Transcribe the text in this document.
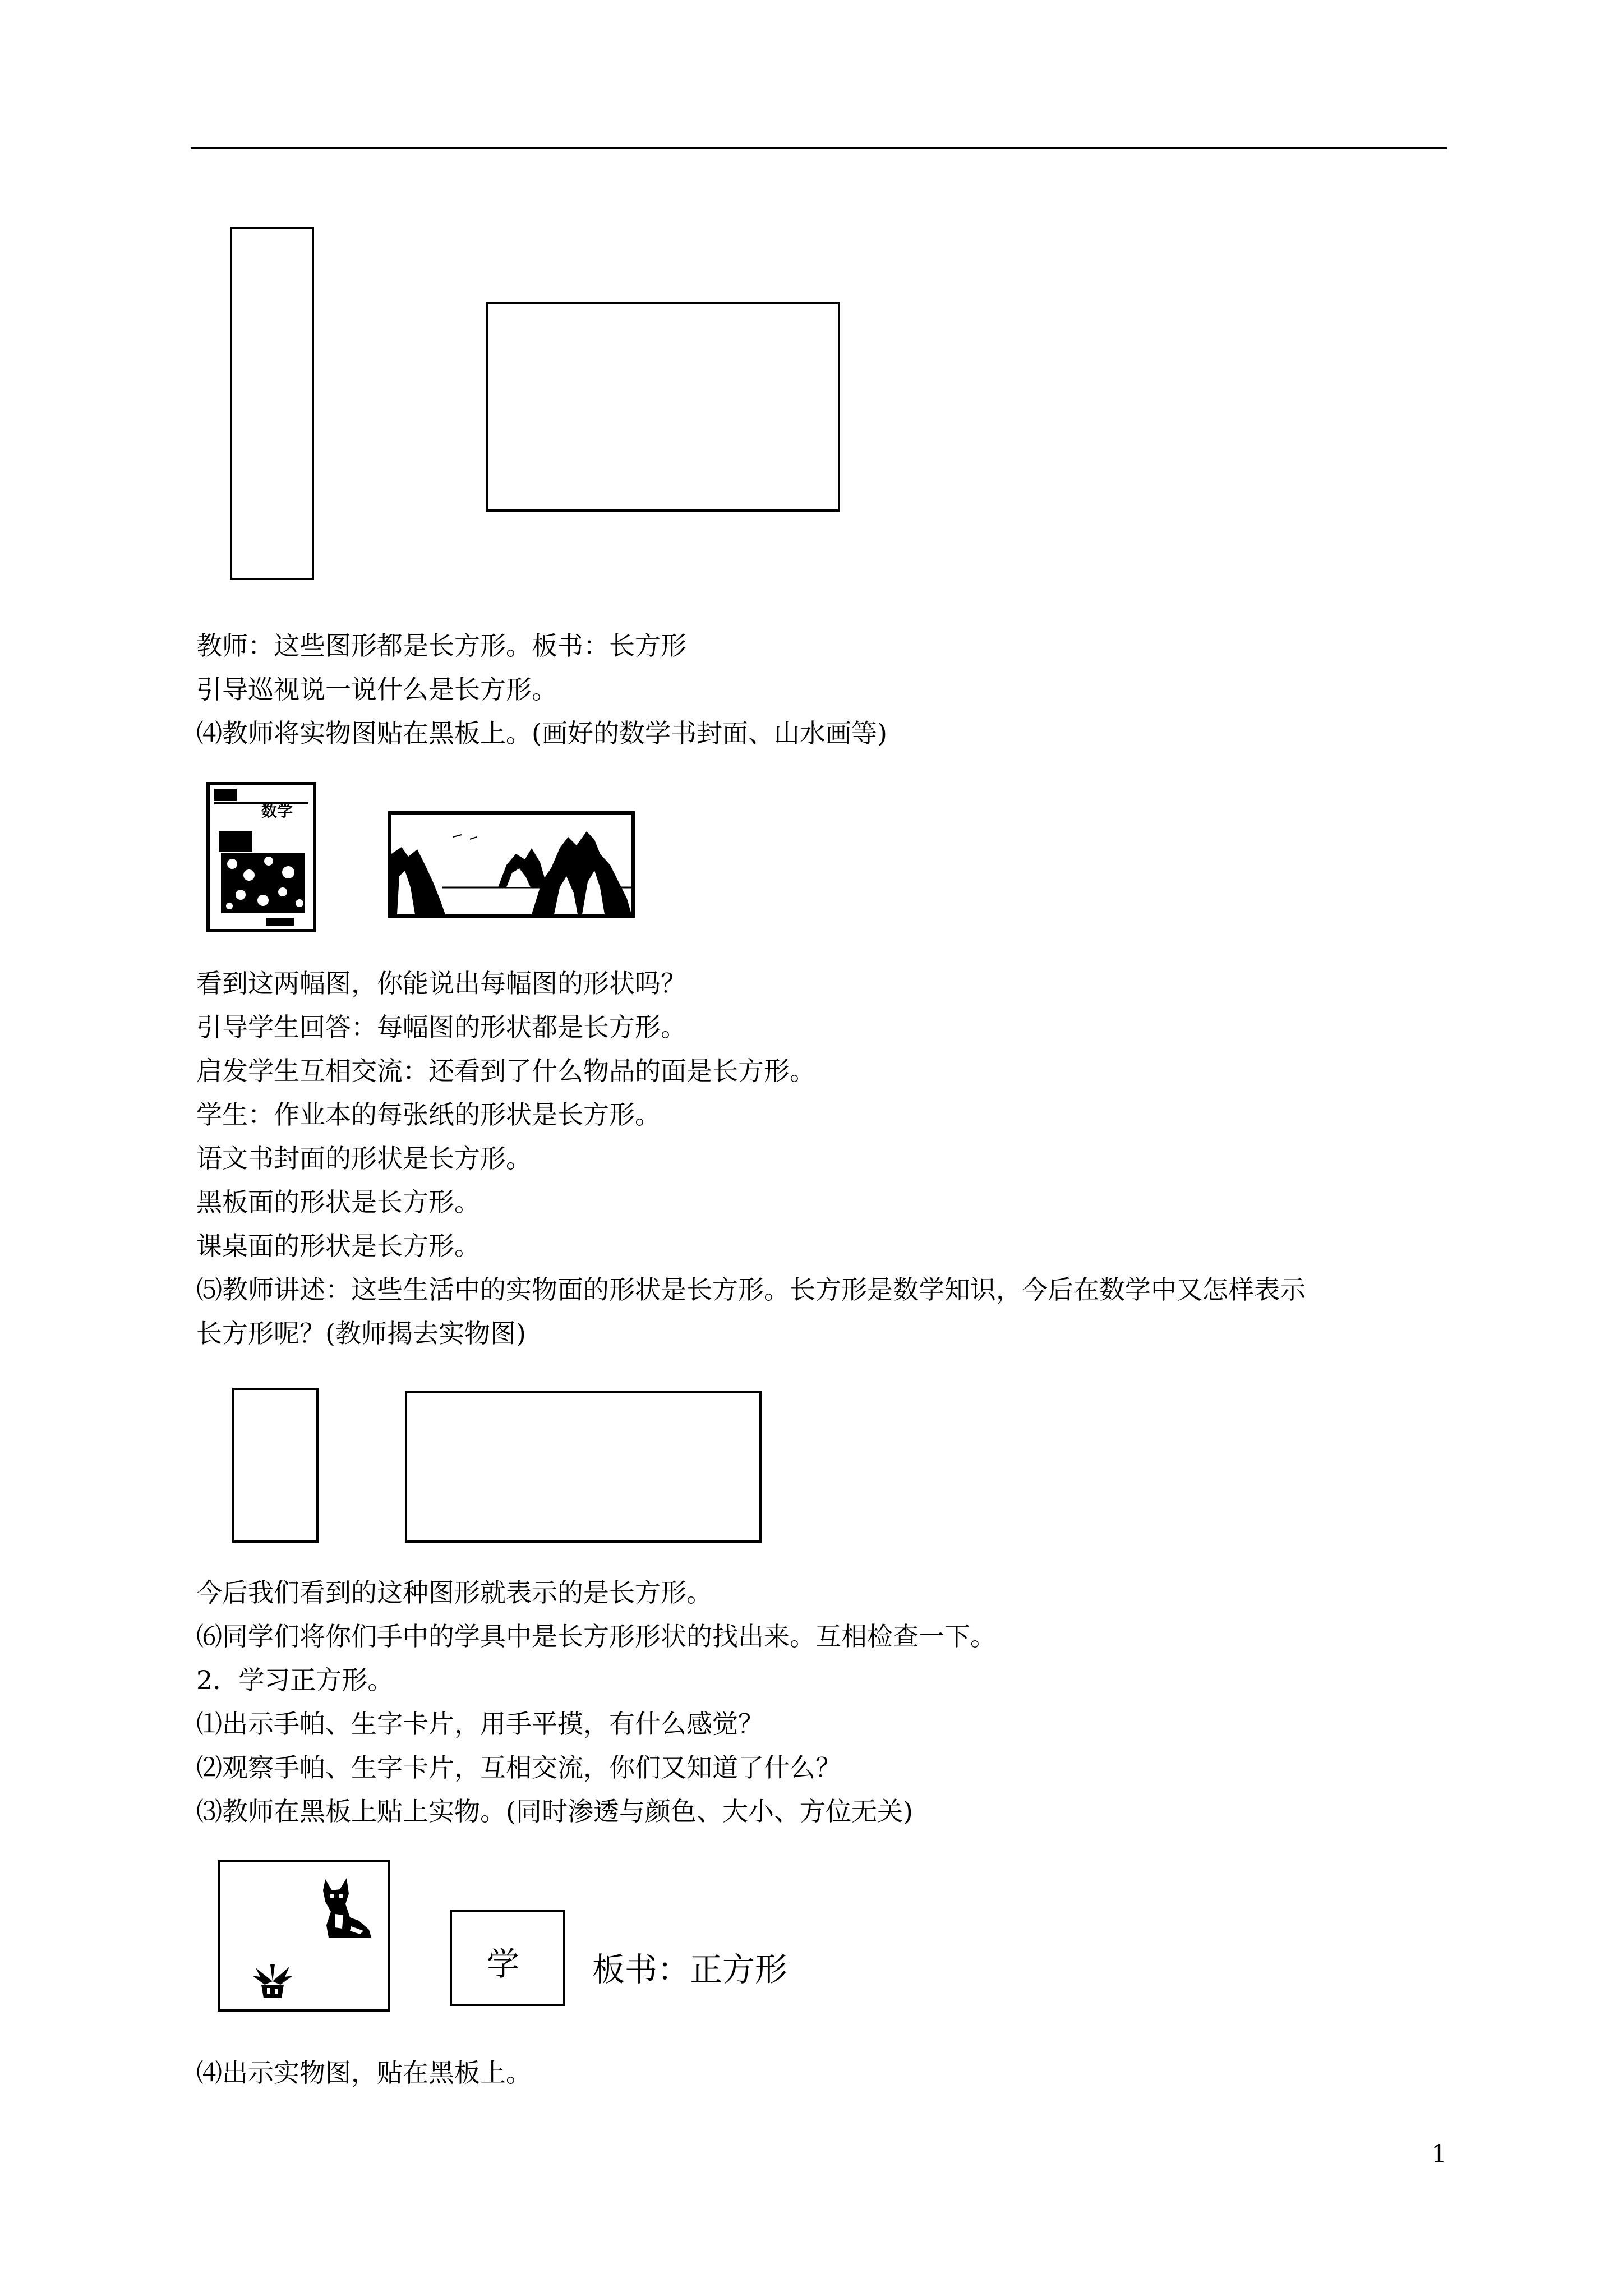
教师：这些图形都是长方形。板书：长方形
引导巡视说一说什么是长方形。
⑷教师将实物图贴在黑板上。(画好的数学书封面、山水画等)
数学
看到这两幅图，你能说出每幅图的形状吗？
引导学生回答：每幅图的形状都是长方形。
启发学生互相交流：还看到了什么物品的面是长方形。
学生：作业本的每张纸的形状是长方形。
语文书封面的形状是长方形。
黑板面的形状是长方形。
课桌面的形状是长方形。
⑸教师讲述：这些生活中的实物面的形状是长方形。长方形是数学知识，今后在数学中又怎样表示
长方形呢？(教师揭去实物图)
今后我们看到的这种图形就表示的是长方形。
⑹同学们将你们手中的学具中是长方形形状的找出来。互相检查一下。
2．学习正方形。
⑴出示手帕、生字卡片，用手平摸，有什么感觉？
⑵观察手帕、生字卡片，互相交流，你们又知道了什么？
⑶教师在黑板上贴上实物。(同时渗透与颜色、大小、方位无关)
学 板书：正方形
⑷出示实物图，贴在黑板上。
1
